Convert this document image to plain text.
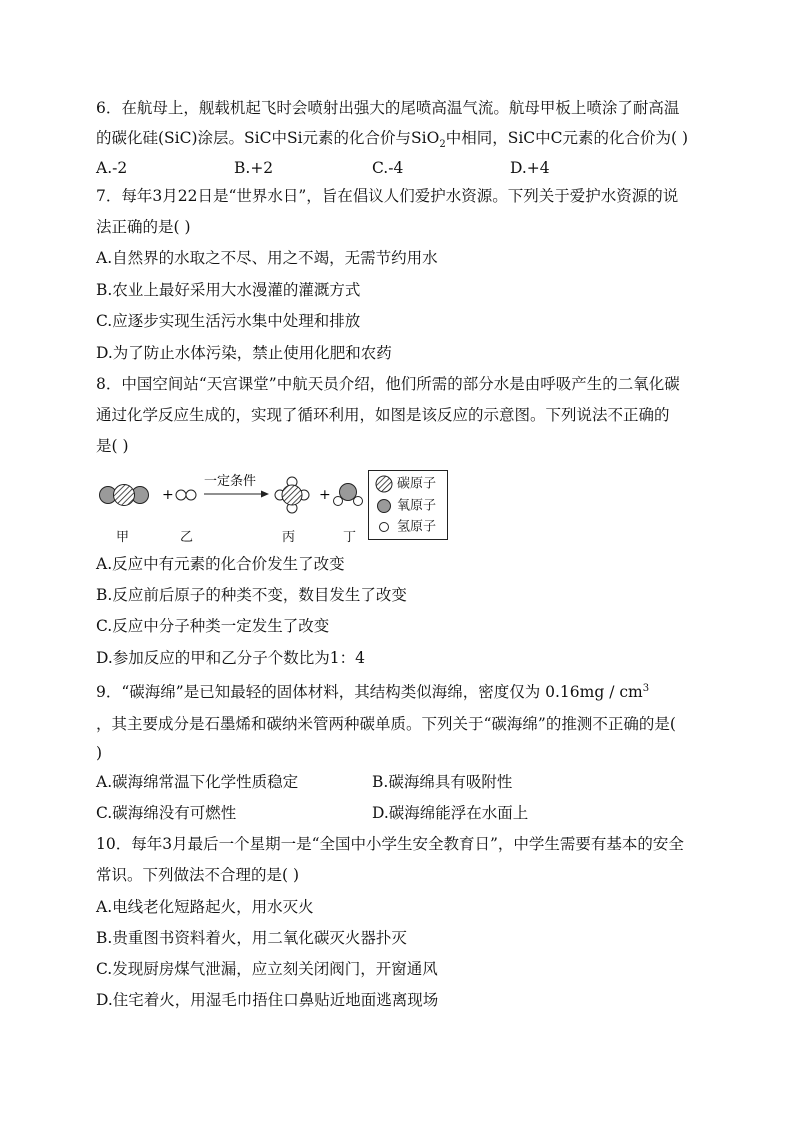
6．在航母上，舰载机起飞时会喷射出强大的尾喷高温气流。航母甲板上喷涂了耐高温
的碳化硅(SiC)涂层。SiC中Si元素的化合价与SiO$_2$中相同，SiC中C元素的化合价为( )
A.-2	B.+2	C.-4	D.+4
7．每年3月22日是“世界水日”，旨在倡议人们爱护水资源。下列关于爱护水资源的说
法正确的是( )
A.自然界的水取之不尽、用之不竭，无需节约用水
B.农业上最好采用大水漫灌的灌溉方式
C.应逐步实现生活污水集中处理和排放
D.为了防止水体污染，禁止使用化肥和农药
8．中国空间站“天宫课堂”中航天员介绍，他们所需的部分水是由呼吸产生的二氧化碳
通过化学反应生成的，实现了循环利用，如图是该反应的示意图。下列说法不正确的
是( )
+
一定条件
+
甲	乙	丙	丁
碳原子
氧原子
氢原子
A.反应中有元素的化合价发生了改变
B.反应前后原子的种类不变，数目发生了改变
C.反应中分子种类一定发生了改变
D.参加反应的甲和乙分子个数比为1：4
9．“碳海绵”是已知最轻的固体材料，其结构类似海绵，密度仅为 $0.16mg / cm^3$
，其主要成分是石墨烯和碳纳米管两种碳单质。下列关于“碳海绵”的推测不正确的是(
)
A.碳海绵常温下化学性质稳定	B.碳海绵具有吸附性
C.碳海绵没有可燃性	D.碳海绵能浮在水面上
10．每年3月最后一个星期一是“全国中小学生安全教育日”，中学生需要有基本的安全
常识。下列做法不合理的是( )
A.电线老化短路起火，用水灭火
B.贵重图书资料着火，用二氧化碳灭火器扑灭
C.发现厨房煤气泄漏，应立刻关闭阀门，开窗通风
D.住宅着火，用湿毛巾捂住口鼻贴近地面逃离现场
